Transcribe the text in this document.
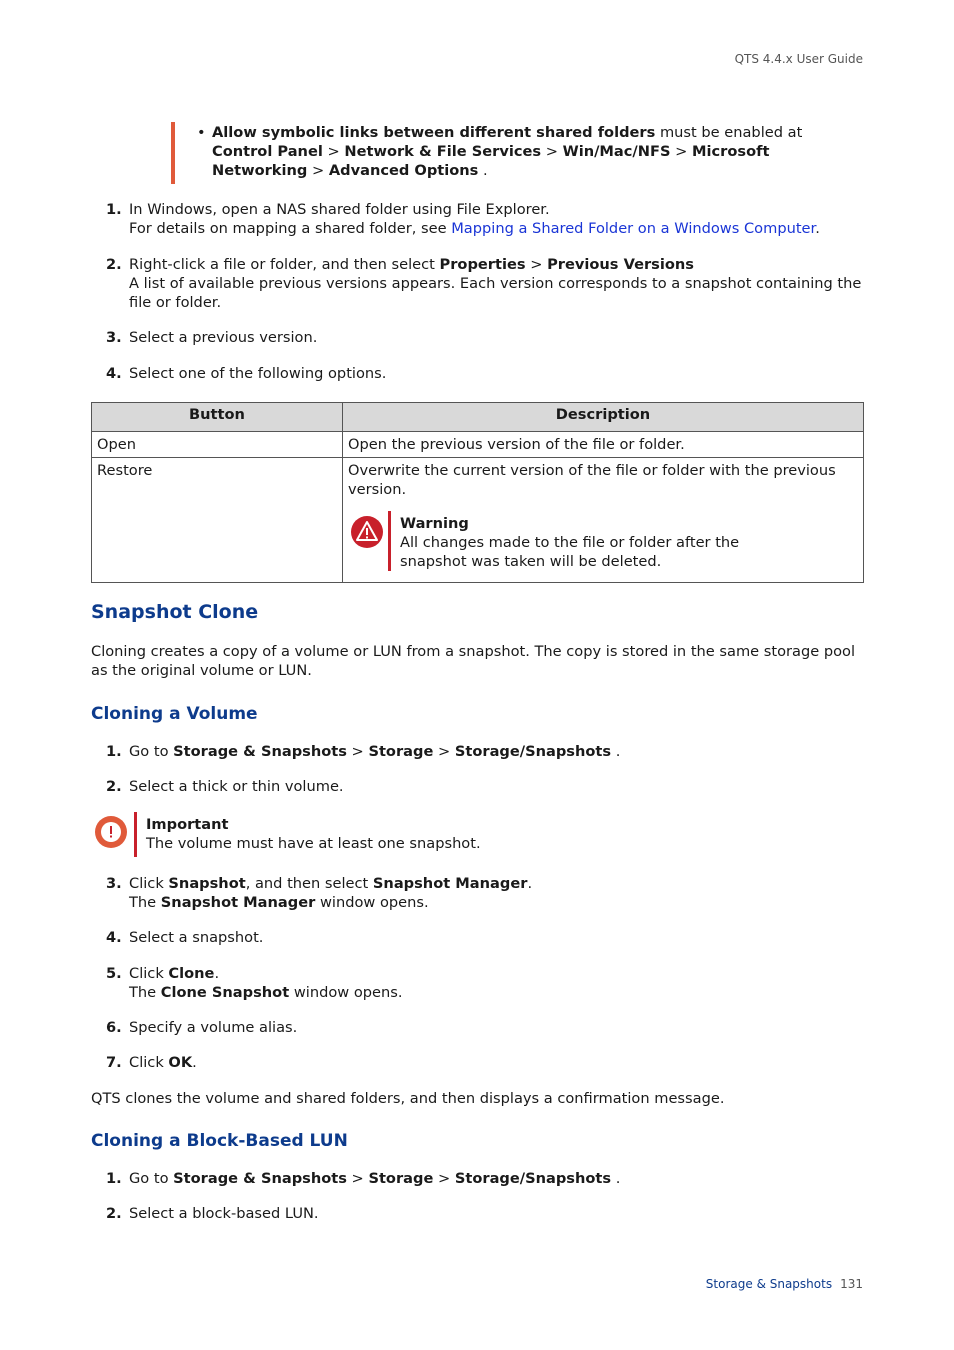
QTS 4.4.x User Guide
• Allow symbolic links between different shared folders must be enabled at Control Panel > Network & File Services > Win/Mac/NFS > Microsoft Networking > Advanced Options .
1. In Windows, open a NAS shared folder using File Explorer.
For details on mapping a shared folder, see Mapping a Shared Folder on a Windows Computer.
2. Right-click a file or folder, and then select Properties > Previous Versions
A list of available previous versions appears. Each version corresponds to a snapshot containing the file or folder.
3. Select a previous version.
4. Select one of the following options.
Button	Description
Open	Open the previous version of the file or folder.
Restore	Overwrite the current version of the file or folder with the previous version.
Warning
All changes made to the file or folder after the snapshot was taken will be deleted.
Snapshot Clone
Cloning creates a copy of a volume or LUN from a snapshot. The copy is stored in the same storage pool as the original volume or LUN.
Cloning a Volume
1. Go to Storage & Snapshots > Storage > Storage/Snapshots .
2. Select a thick or thin volume.
Important
The volume must have at least one snapshot.
3. Click Snapshot, and then select Snapshot Manager.
The Snapshot Manager window opens.
4. Select a snapshot.
5. Click Clone.
The Clone Snapshot window opens.
6. Specify a volume alias.
7. Click OK.
QTS clones the volume and shared folders, and then displays a confirmation message.
Cloning a Block-Based LUN
1. Go to Storage & Snapshots > Storage > Storage/Snapshots .
2. Select a block-based LUN.
Storage & Snapshots 131
